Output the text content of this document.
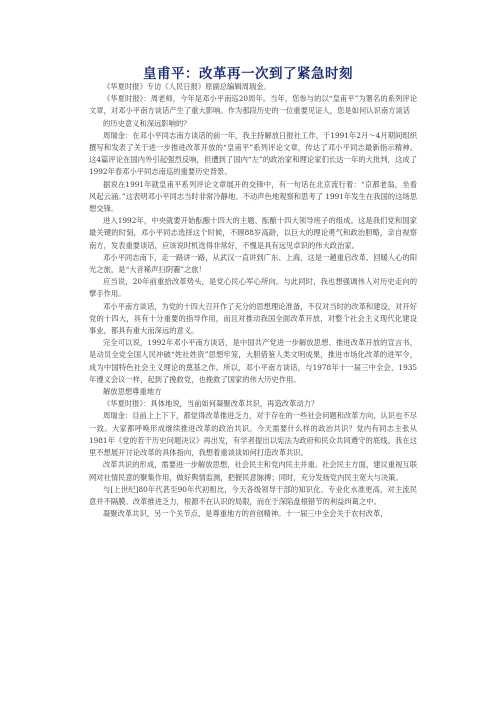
皇甫平：改革再一次到了紧急时刻

《华夏时报》专访《人民日报》原副总编辑周瑞金。

《华夏时报》：周老师，今年是邓小平南巡20周年。当年，您参与的以“皇甫平”为署名的系列评论文章，对邓小平南方谈话产生了重大影响。作为那段历史的一位重要见证人，您是如何认识南方谈话

的历史意义和深远影响的？

周瑞金：在邓小平同志南方谈话的前一年，我主持解放日报社工作，于1991年2月～4月期间组织撰写和发表了关于进一步推进改革开放的“皇甫平”系列评论文章，传达了邓小平同志最新指示精神。这4篇评论在国内外引起强烈反响，但遭到了国内“左”的政治家和理论家们长达一年的大批判，这成了1992年春邓小平同志南巡的重要历史背景。

据说在1991年就皇甫平系列评论文章展开的交锋中，有一句话在北京流行着：“京都老翁，坐看风起云涌。”这表明邓小平同志当时非常冷静地、不动声色地观察和思考了 1991年发生在我国的这场思想交锋。

进入1992年，中央就要开始酝酿十四大的主题、酝酿十四大领导班子的组成。这是我们党和国家最关键的时刻，邓小平同志选择这个时候，不顾88岁高龄，以巨大的理论勇气和政治胆略，亲自视察南方，发表重要谈话，应该说时机选得非常好，不愧是具有远见卓识的伟大政治家。

邓小平同志南下，走一路讲一路，从武汉一直讲到广东、上海，这是一趟重启改革、回暖人心的阳光之旅，是“大音稀声扫阴霾”之旅！

应当说，20年前重拾改革势头，是党心民心军心所向。与此同时，我也想强调伟人对历史走向的擘手作用。

邓小平南方谈话，为党的十四大召开作了充分的思想理论准备，不仅对当时的改革和建设，对开好党的十四大，具有十分重要的指导作用，而且对推动我国全面改革开放，对整个社会主义现代化建设事业，都具有重大而深远的意义。

完全可以说，1992年邓小平南方谈话，是中国共产党进一步解放思想、推进改革开放的宣言书，是动员全党全国人民冲破“姓社姓资”思想牢笼，大胆借鉴人类文明成果，推进市场化改革的进军令，成为中国特色社会主义理论的奠基之作。所以，邓小平南方谈话，与1978年十一届三中全会、1935年遵义会议一样，起到了挽救党，也挽救了国家的伟大历史作用。

解放思想尊重地方

《华夏时报》：具体地说，当前如何凝聚改革共识，再造改革动力？

周瑞金：目前上上下下，都觉得改革推进乏力，对于存在的一些社会问题和改革方向，认识也不尽一致。大家都呼唤形成继续推进改革的政治共识。今天需要什么样的政治共识？党内有同志主张从1981年《党的若干历史问题决议》再出发，有学者提出以宪法为政府和民众共同遵守的底线。我在这里不想展开讨论改革的具体指向，我想着重谈谈如何打造改革共识。

改革共识的形成，需要进一步解放思想，社会民主和党内民主并重。社会民主方面，建议重视互联网对社情民意的聚集作用，做好舆情监测，把握民意脉搏；同时，充分发扬党内民主宽大与决策。

与[上世纪]80年代甚至90年代初相比，今天各级领导干部的知识化、专业化水准更高，对主流民意并不隔膜。改革推进乏力，根源不在认识的局限，而在于深陷盘根错节的利益纠葛之中。

凝聚改革共识，另一个关节点，是尊重地方的首创精神。十一届三中全会关于农村改革，
